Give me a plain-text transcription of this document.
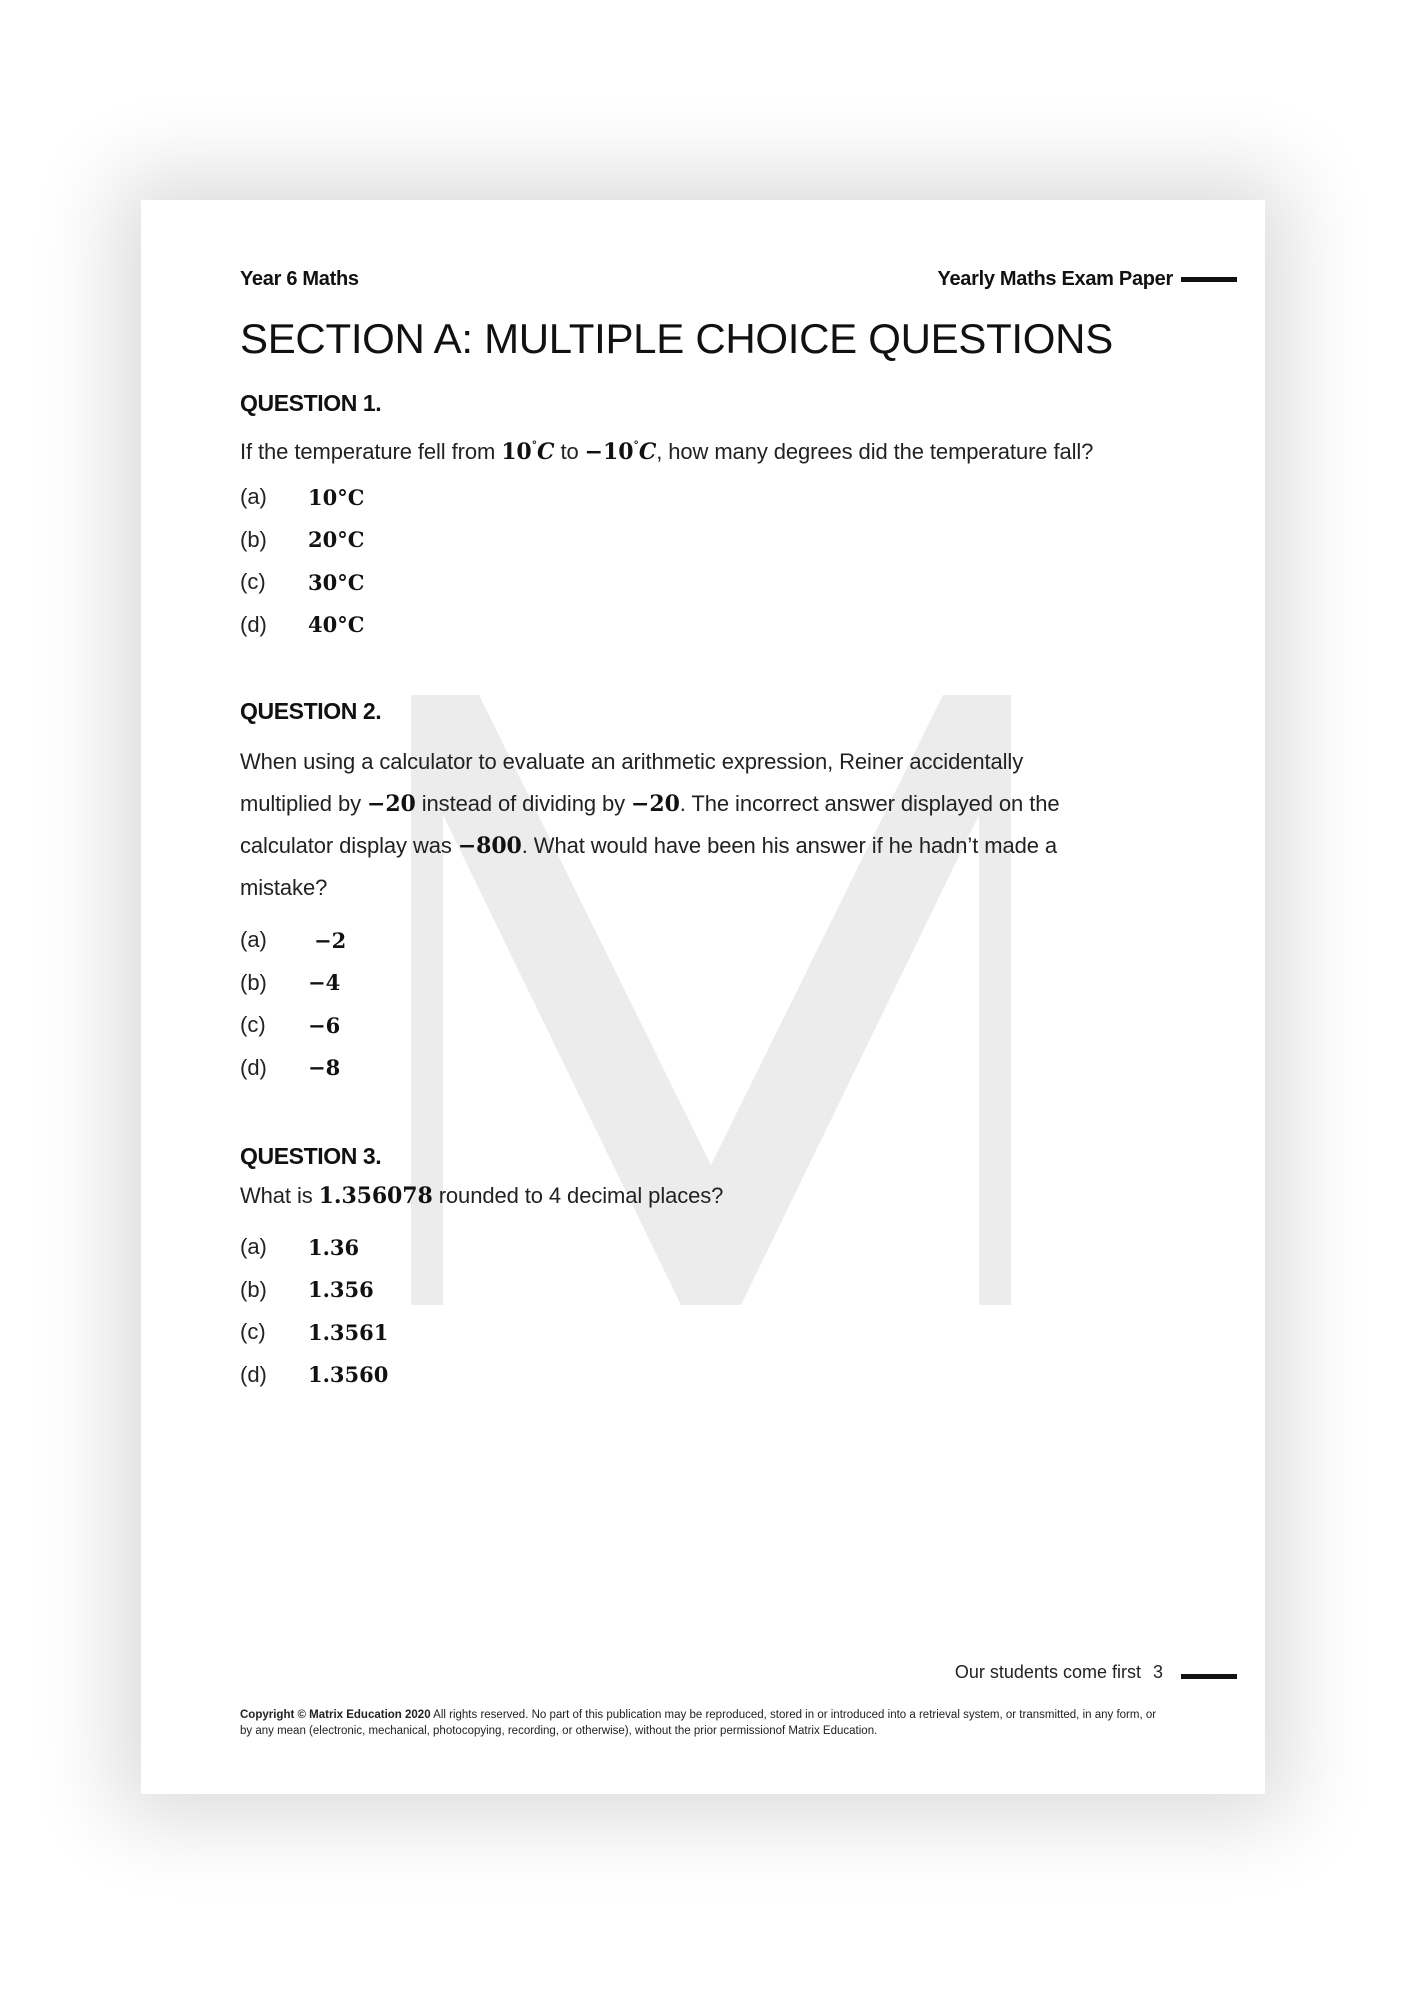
Year 6 Maths	Yearly Maths Exam Paper
SECTION A: MULTIPLE CHOICE QUESTIONS
QUESTION 1.
If the temperature fell from 10°C to −10°C, how many degrees did the temperature fall?
(a)	10°C
(b)	20°C
(c)	30°C
(d)	40°C
QUESTION 2.
When using a calculator to evaluate an arithmetic expression, Reiner accidentally multiplied by −20 instead of dividing by −20. The incorrect answer displayed on the calculator display was −800. What would have been his answer if he hadn’t made a mistake?
(a)	−2
(b)	−4
(c)	−6
(d)	−8
QUESTION 3.
What is 1.356078 rounded to 4 decimal places?
(a)	1.36
(b)	1.356
(c)	1.3561
(d)	1.3560
Our students come first 3
Copyright © Matrix Education 2020 All rights reserved. No part of this publication may be reproduced, stored in or introduced into a retrieval system, or transmitted, in any form, or by any mean (electronic, mechanical, photocopying, recording, or otherwise), without the prior permissionof Matrix Education.
